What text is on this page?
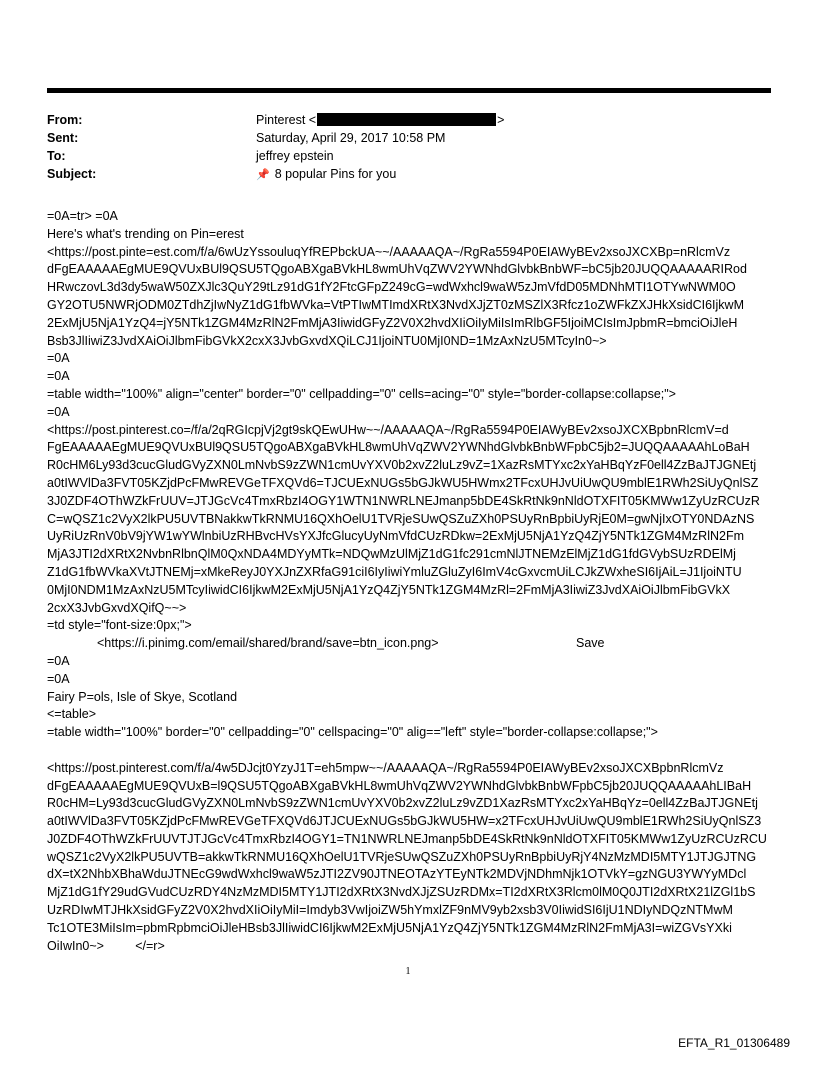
From:	Pinterest <	>
Sent:	Saturday, April 29, 2017 10:58 PM
To:	jeffrey epstein
Subject:	📌 8 popular Pins for you
=0A=tr> =0A
Here's what's trending on Pin=erest
<https://post.pinte=est.com/f/a/6wUzYssouluqYfREPbckUA~~/AAAAAQA~/RgRa5594P0EIAWyBEv2xsoJXCXBp=nRlcmVz
dFgEAAAAAEgMUE9QVUxBUl9QSU5TQgoABXgaBVkHL8wmUhVqZWV2YWNhdGlvbkBnbWF=bC5jb20JUQQAAAAARIRod
HRwczovL3d3dy5waW50ZXJlc3QuY29tLz91dG1fY2FtcGFpZ249cG=wdWxhcl9waW5zJmVfdD05MDNhMTI1OTYwNWM0O
GY2OTU5NWRjODM0ZTdhZjIwNyZ1dG1fbWVka=VtPTIwMTImdXRtX3NvdXJjZT0zMSZlX3Rfcz1oZWFkZXJHkXsidCI6IjkwM
2ExMjU5NjA1YzQ4=jY5NTk1ZGM4MzRlN2FmMjA3IiwidGFyZ2V0X2hvdXIiOiIyMiIsImRlbGF5IjoiMCIsImJpbmR=bmciOiJleH
Bsb3JlIiwiZ3JvdXAiOiJlbmFibGVkX2cxX3JvbGxvdXQiLCJ1IjoiNTU0MjI0ND=1MzAxNzU5MTcyIn0~>
=0A
=0A
=table width="100%" align="center" border="0" cellpadding="0" cells=acing="0" style="border-collapse:collapse;">
=0A
<https://post.pinterest.co=/f/a/2qRGIcpjVj2gt9skQEwUHw~~/AAAAAQA~/RgRa5594P0EIAWyBEv2xsoJXCXBpbnRlcmV=d
FgEAAAAAEgMUE9QVUxBUl9QSU5TQgoABXgaBVkHL8wmUhVqZWV2YWNhdGlvbkBnbWFpbC5jb2=JUQQAAAAAhLoBaH
R0cHM6Ly93d3cucGludGVyZXN0LmNvbS9zZWN1cmUvYXV0b2xvZ2luLz9vZ=1XazRsMTYxc2xYaHBqYzF0ell4ZzBaJTJGNEtj
a0tIWVlDa3FVT05KZjdPcFMwREVGeTFXQVd6=TJCUExNUGs5bGJkWU5HWmx2TFcxUHJvUiUwQU9mblE1RWh2SiUyQnlSZ
3J0ZDF4OThWZkFrUUV=JTJGcVc4TmxRbzI4OGY1WTN1NWRLNEJmanp5bDE4SkRtNk9nNldOTXFIT05KMWw1ZyUzRCUzR
C=wQSZ1c2VyX2lkPU5UVTBNakkwTkRNMU16QXhOelU1TVRjeSUwQSZuZXh0PSUyRnBpbiUyRjE0M=gwNjIxOTY0NDAzNS
UyRiUzRnV0bV9jYW1wYWlnbiUzRHBvcHVsYXJfcGlucyUyNmVfdCUzRDkw=2ExMjU5NjA1YzQ4ZjY5NTk1ZGM4MzRlN2Fm
MjA3JTI2dXRtX2NvbnRlbnQlM0QxNDA4MDYyMTk=NDQwMzUlMjZ1dG1fc291cmNlJTNEMzElMjZ1dG1fdGVybSUzRDElMj
Z1dG1fbWVkaXVtJTNEMj=xMkeReyJ0YXJnZXRfaG91ciI6IyIiwiYmluZGluZyI6ImV4cGxvcmUiLCJkZWxheSI6IjAiL=J1IjoiNTU
0MjI0NDM1MzAxNzU5MTcyIiwidCI6IjkwM2ExMjU5NjA1YzQ4ZjY5NTk1ZGM4MzRl=2FmMjA3IiwiZ3JvdXAiOiJlbmFibGVkX
2cxX3JvbGxvdXQifQ~~>
=td style="font-size:0px;">
<https://i.pinimg.com/email/shared/brand/save=btn_icon.png>	Save
=0A
=0A
Fairy P=ols, Isle of Skye, Scotland
<=table>
=table width="100%" border="0" cellpadding="0" cellspacing="0" alig=="left" style="border-collapse:collapse;">
<https://post.pinterest.com/f/a/4w5DJcjt0YzyJ1T=eh5mpw~~/AAAAAQA~/RgRa5594P0EIAWyBEv2xsoJXCXBpbnRlcmVz
dFgEAAAAAEgMUE9QVUxB=l9QSU5TQgoABXgaBVkHL8wmUhVqZWV2YWNhdGlvbkBnbWFpbC5jb20JUQQAAAAAhLIBaH
R0cHM=Ly93d3cucGludGVyZXN0LmNvbS9zZWN1cmUvYXV0b2xvZ2luLz9vZD1XazRsMTYxc2xYaHBqYz=0ell4ZzBaJTJGNEtj
a0tIWVlDa3FVT05KZjdPcFMwREVGeTFXQVd6JTJCUExNUGs5bGJkWU5HW=x2TFcxUHJvUiUwQU9mblE1RWh2SiUyQnlSZ3
J0ZDF4OThWZkFrUUVTJTJGcVc4TmxRbzI4OGY1=TN1NWRLNEJmanp5bDE4SkRtNk9nNldOTXFIT05KMWw1ZyUzRCUzRCU
wQSZ1c2VyX2lkPU5UVTB=akkwTkRNMU16QXhOelU1TVRjeSUwQSZuZXh0PSUyRnBpbiUyRjY4NzMzMDI5MTY1JTJGJTNG
dX=tX2NhbXBhaWduJTNEcG9wdWxhcl9waW5zJTI2ZV90JTNEOTAzYTEyNTk2MDVjNDhmNjk1OTVkY=gzNGU3YWYyMDcl
MjZ1dG1fY29udGVudCUzRDY4NzMzMDI5MTY1JTI2dXRtX3NvdXJjZSUzRDMx=TI2dXRtX3Rlcm0lM0Q0JTI2dXRtX21lZGl1bS
UzRDIwMTJHkXsidGFyZ2V0X2hvdXIiOiIyMiI=Imdyb3VwIjoiZW5hYmxlZF9nMV9yb2xsb3V0IiwidSI6IjU1NDIyNDQzNTMwM
Tc1OTE3MiIsIm=pbmRpbmciOiJleHBsb3JlIiwidCI6IjkwM2ExMjU5NjA1YzQ4ZjY5NTk1ZGM4MzRlN2FmMjA3I=wiZGVsYXki
OiIwIn0~>         </=r>
1
EFTA_R1_01306489
